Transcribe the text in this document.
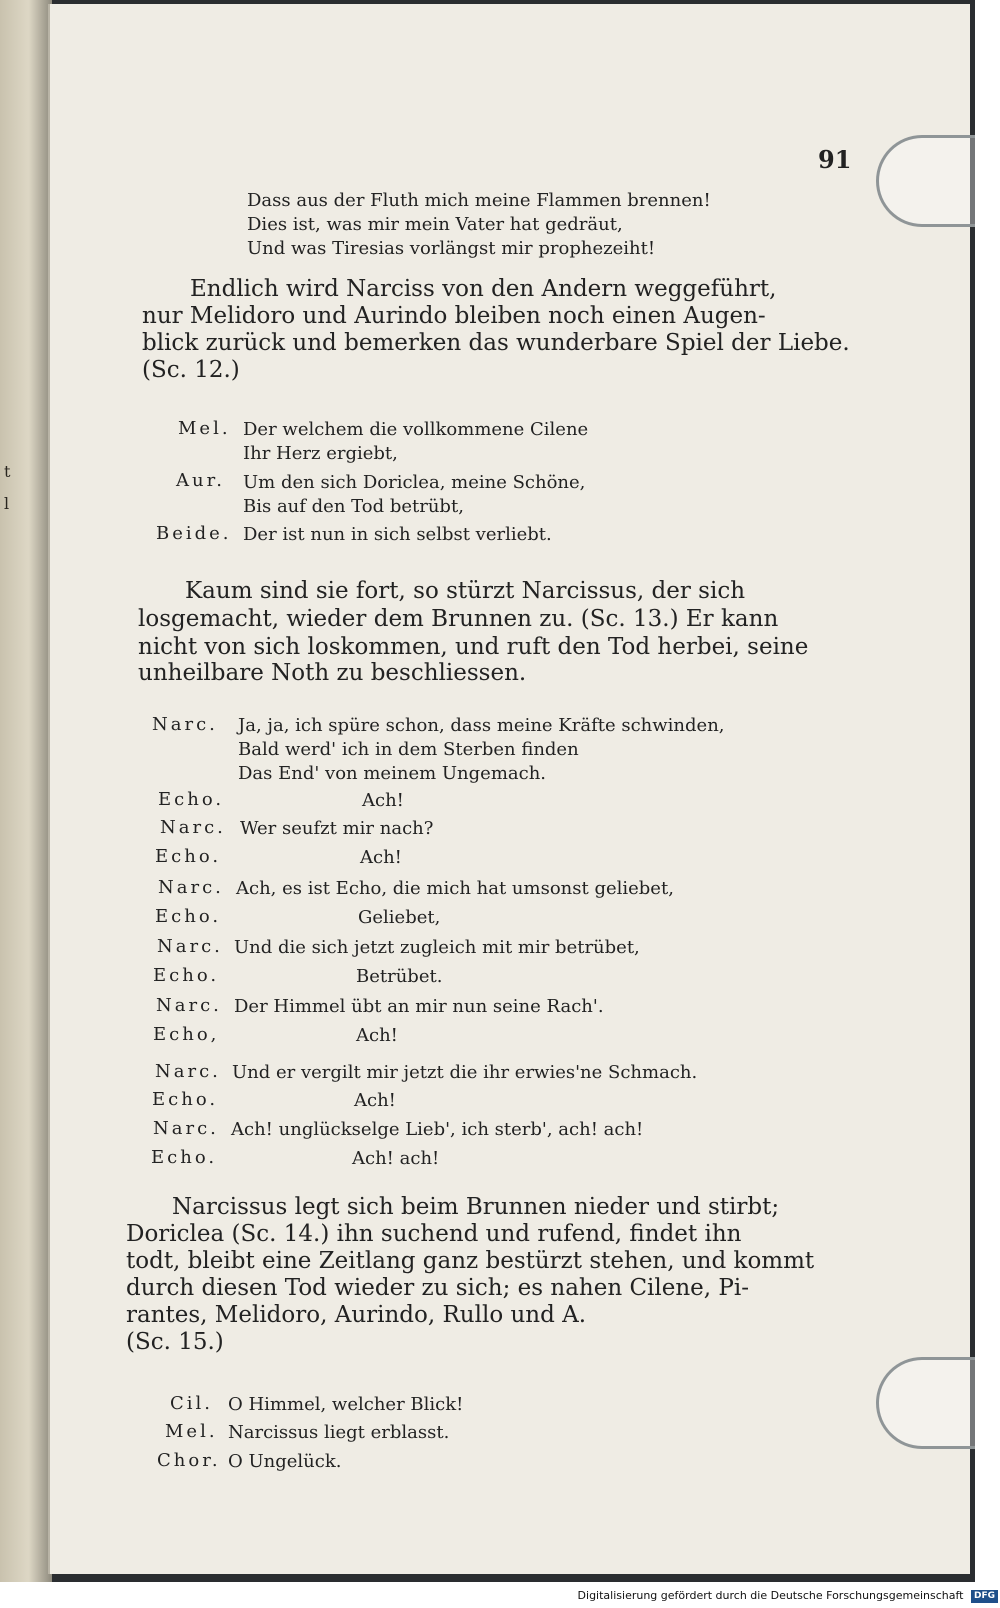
t
l
91
Dass aus der Fluth mich meine Flammen brennen!
Dies ist, was mir mein Vater hat gedräut,
Und was Tiresias vorlängst mir prophezeiht!
Endlich wird Narciss von den Andern weggeführt,
nur Melidoro und Aurindo bleiben noch einen Augen-
blick zurück und bemerken das wunderbare Spiel der Liebe.
(Sc. 12.)
Mel. Der welchem die vollkommene Cilene
Ihr Herz ergiebt,
Aur. Um den sich Doriclea, meine Schöne,
Bis auf den Tod betrübt,
Beide. Der ist nun in sich selbst verliebt.
Kaum sind sie fort, so stürzt Narcissus, der sich
losgemacht, wieder dem Brunnen zu. (Sc. 13.) Er kann
nicht von sich loskommen, und ruft den Tod herbei, seine
unheilbare Noth zu beschliessen.
Narc. Ja, ja, ich spüre schon, dass meine Kräfte schwinden,
Bald werd' ich in dem Sterben finden
Das End' von meinem Ungemach.
Echo.	Ach!
Narc. Wer seufzt mir nach?
Echo.	Ach!
Narc. Ach, es ist Echo, die mich hat umsonst geliebet,
Echo.	Geliebet,
Narc. Und die sich jetzt zugleich mit mir betrübet,
Echo.	Betrübet.
Narc. Der Himmel übt an mir nun seine Rach'.
Echo,	Ach!
Narc. Und er vergilt mir jetzt die ihr erwies'ne Schmach.
Echo.	Ach!
Narc. Ach! unglückselge Lieb', ich sterb', ach! ach!
Echo.	Ach! ach!
Narcissus legt sich beim Brunnen nieder und stirbt;
Doriclea (Sc. 14.) ihn suchend und rufend, findet ihn
todt, bleibt eine Zeitlang ganz bestürzt stehen, und kommt
durch diesen Tod wieder zu sich; es nahen Cilene, Pi-
rantes, Melidoro, Aurindo, Rullo und A.
(Sc. 15.)
Cil. O Himmel, welcher Blick!
Mel. Narcissus liegt erblasst.
Chor. O Ungelück.
Digitalisierung gefördert durch die Deutsche Forschungsgemeinschaft DFG
